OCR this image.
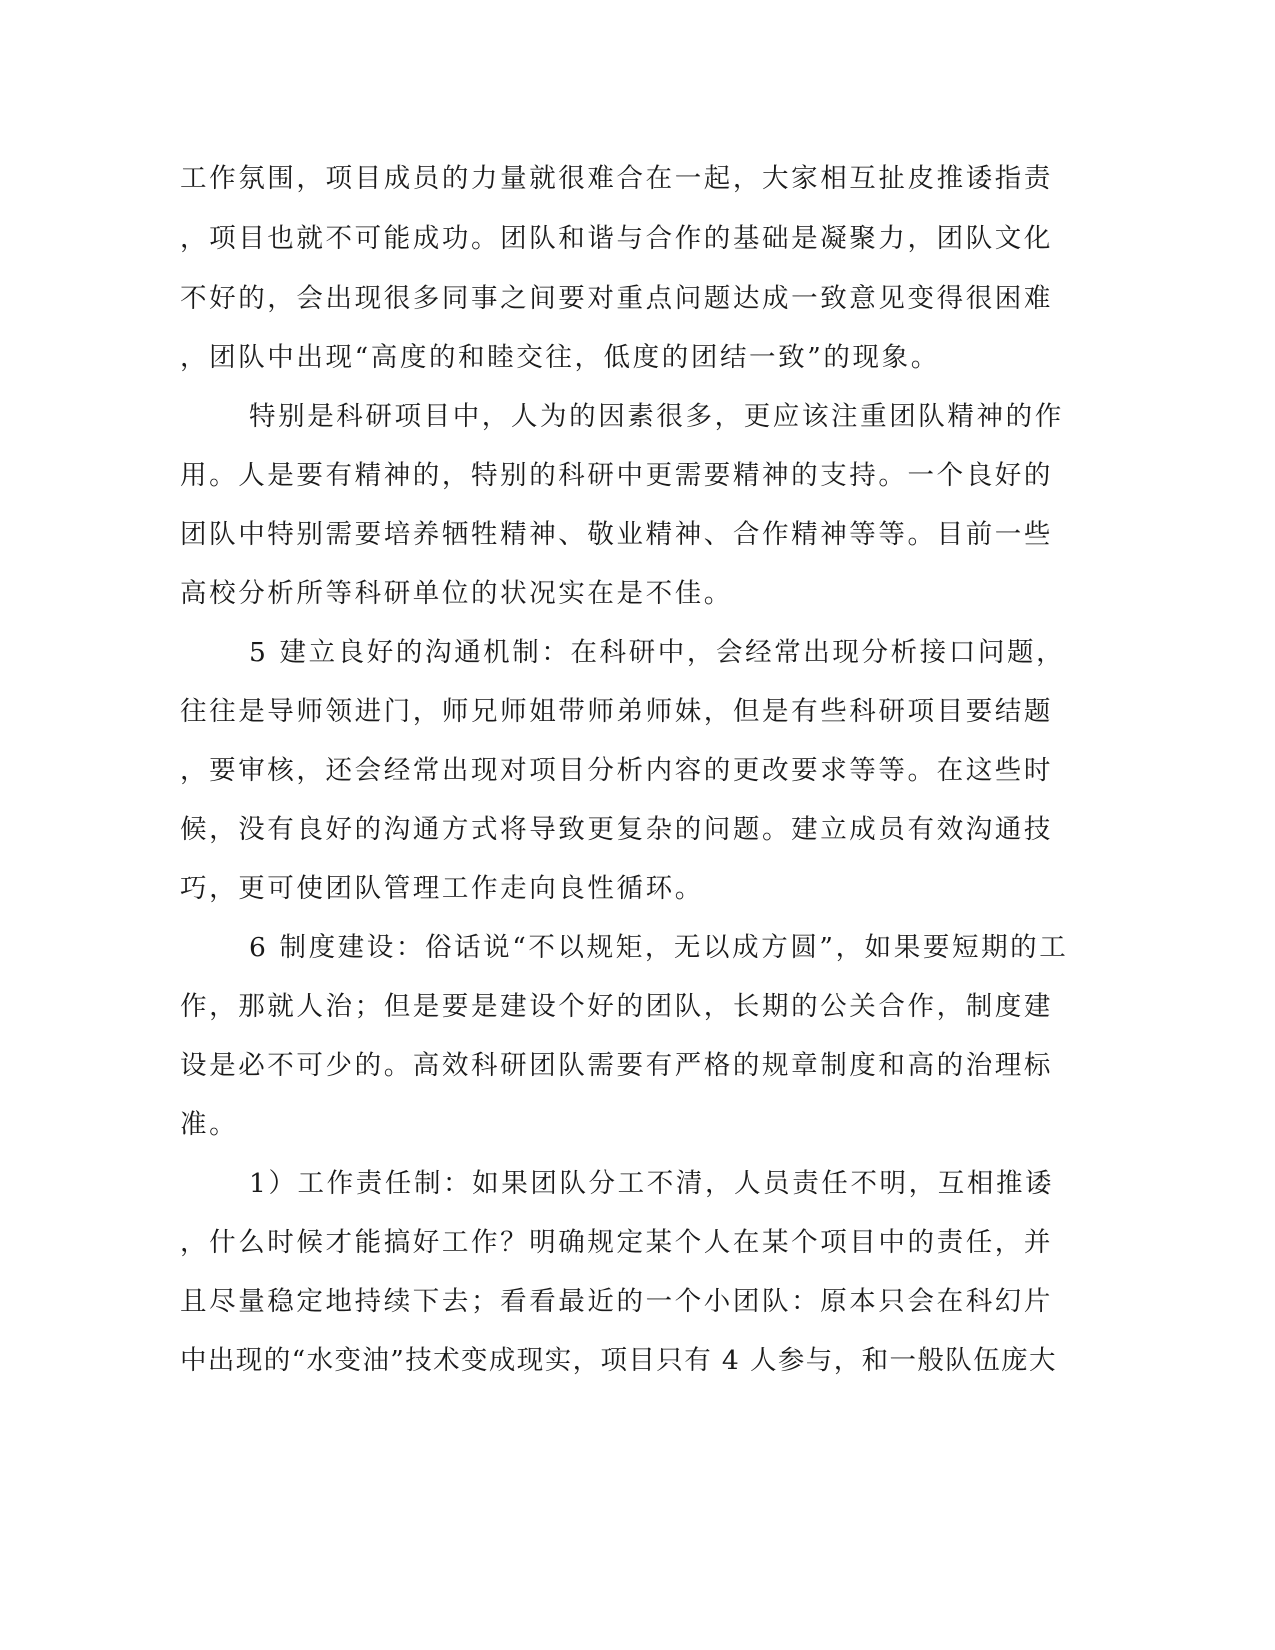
工作氛围，项目成员的力量就很难合在一起，大家相互扯皮推诿指责

，项目也就不可能成功。团队和谐与合作的基础是凝聚力，团队文化

不好的，会出现很多同事之间要对重点问题达成一致意见变得很困难

，团队中出现“高度的和睦交往，低度的团结一致”的现象。

特别是科研项目中，人为的因素很多，更应该注重团队精神的作

用。人是要有精神的，特别的科研中更需要精神的支持。一个良好的

团队中特别需要培养牺牲精神、敬业精神、合作精神等等。目前一些

高校分析所等科研单位的状况实在是不佳。

5 建立良好的沟通机制：在科研中，会经常出现分析接口问题，

往往是导师领进门，师兄师姐带师弟师妹，但是有些科研项目要结题

，要审核，还会经常出现对项目分析内容的更改要求等等。在这些时

候，没有良好的沟通方式将导致更复杂的问题。建立成员有效沟通技

巧，更可使团队管理工作走向良性循环。

6 制度建设：俗话说“不以规矩，无以成方圆”，如果要短期的工

作，那就人治；但是要是建设个好的团队，长期的公关合作，制度建

设是必不可少的。高效科研团队需要有严格的规章制度和高的治理标

准。

1）工作责任制：如果团队分工不清，人员责任不明，互相推诿

，什么时候才能搞好工作？明确规定某个人在某个项目中的责任，并

且尽量稳定地持续下去；看看最近的一个小团队：原本只会在科幻片

中出现的“水变油”技术变成现实，项目只有 4 人参与，和一般队伍庞大
